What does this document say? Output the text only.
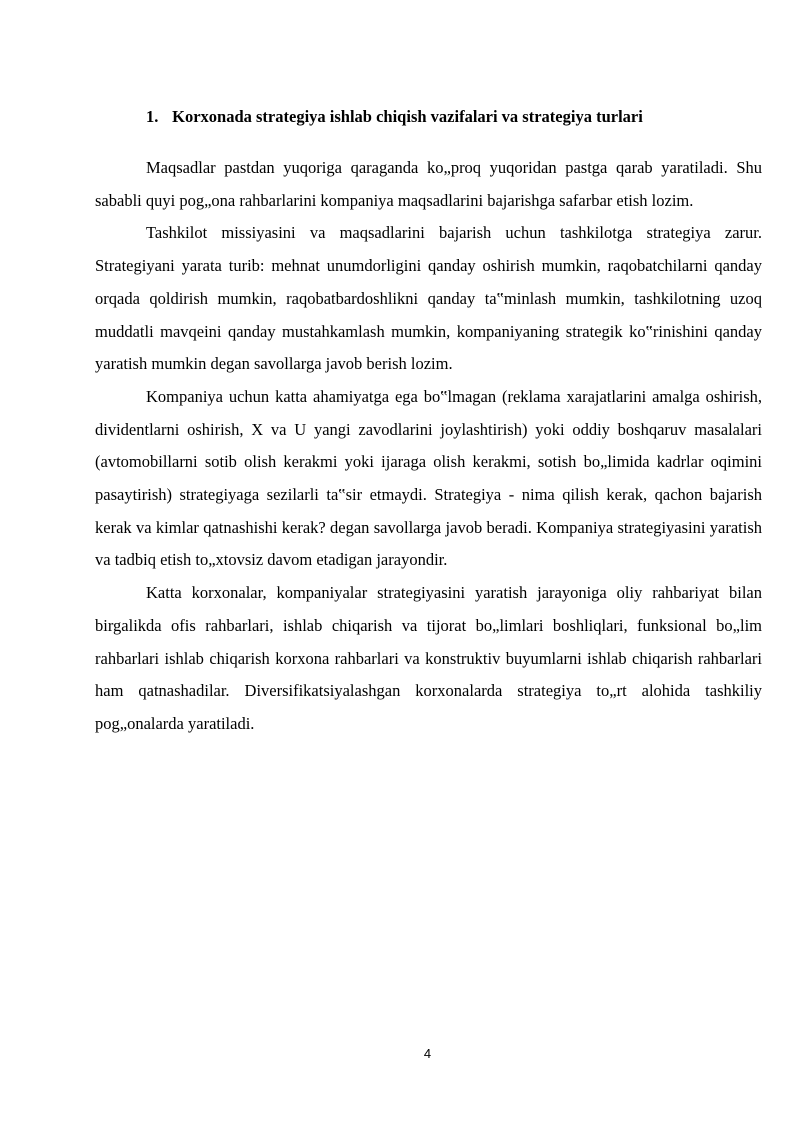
1. Korxonada strategiya ishlab chiqish vazifalari va strategiya turlari

Maqsadlar pastdan yuqoriga qaraganda ko„proq yuqoridan pastga qarab yaratiladi. Shu sababli quyi pog„ona rahbarlarini kompaniya maqsadlarini bajarishga safarbar etish lozim.

Tashkilot missiyasini va maqsadlarini bajarish uchun tashkilotga strategiya zarur. Strategiyani yarata turib: mehnat unumdorligini qanday oshirish mumkin, raqobatchilarni qanday orqada qoldirish mumkin, raqobatbardoshlikni qanday ta‟minlash mumkin, tashkilotning uzoq muddatli mavqeini qanday mustahkamlash mumkin, kompaniyaning strategik ko‟rinishini qanday yaratish mumkin degan savollarga javob berish lozim.

Kompaniya uchun katta ahamiyatga ega bo‟lmagan (reklama xarajatlarini amalga oshirish, dividentlarni oshirish, X va U yangi zavodlarini joylashtirish) yoki oddiy boshqaruv masalalari (avtomobillarni sotib olish kerakmi yoki ijaraga olish kerakmi, sotish bo„limida kadrlar oqimini pasaytirish) strategiyaga sezilarli ta‟sir etmaydi. Strategiya - nima qilish kerak, qachon bajarish kerak va kimlar qatnashishi kerak? degan savollarga javob beradi. Kompaniya strategiyasini yaratish va tadbiq etish to„xtovsiz davom etadigan jarayondir.

Katta korxonalar, kompaniyalar strategiyasini yaratish jarayoniga oliy rahbariyat bilan birgalikda ofis rahbarlari, ishlab chiqarish va tijorat bo„limlari boshliqlari, funksional bo„lim rahbarlari ishlab chiqarish korxona rahbarlari va konstruktiv buyumlarni ishlab chiqarish rahbarlari ham qatnashadilar. Diversifikatsiyalashgan korxonalarda strategiya to„rt alohida tashkiliy pog„onalarda yaratiladi.

4
